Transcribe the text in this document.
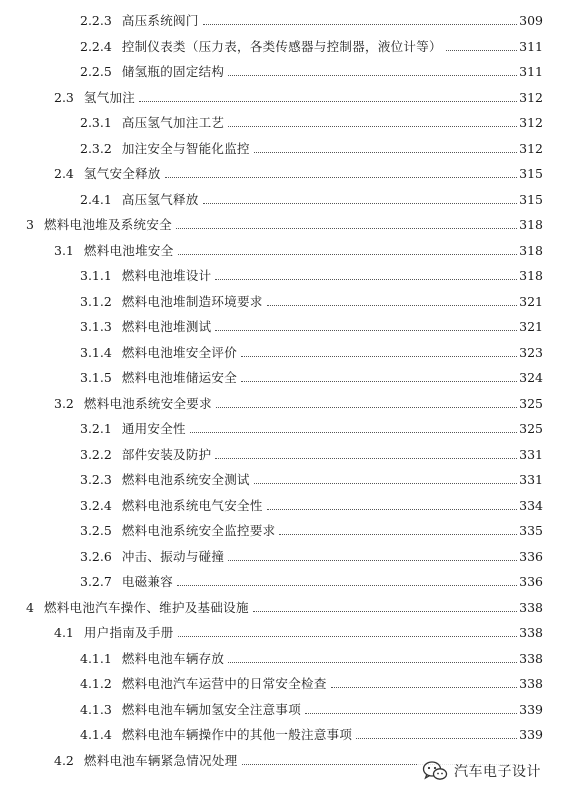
2.2.3 高压系统阀门	309
2.2.4 控制仪表类（压力表，各类传感器与控制器，液位计等）	311
2.2.5 储氢瓶的固定结构	311
2.3 氢气加注	312
2.3.1 高压氢气加注工艺	312
2.3.2 加注安全与智能化监控	312
2.4 氢气安全释放	315
2.4.1 高压氢气释放	315
3 燃料电池堆及系统安全	318
3.1 燃料电池堆安全	318
3.1.1 燃料电池堆设计	318
3.1.2 燃料电池堆制造环境要求	321
3.1.3 燃料电池堆测试	321
3.1.4 燃料电池堆安全评价	323
3.1.5 燃料电池堆储运安全	324
3.2 燃料电池系统安全要求	325
3.2.1 通用安全性	325
3.2.2 部件安装及防护	331
3.2.3 燃料电池系统安全测试	331
3.2.4 燃料电池系统电气安全性	334
3.2.5 燃料电池系统安全监控要求	335
3.2.6 冲击、振动与碰撞	336
3.2.7 电磁兼容	336
4 燃料电池汽车操作、维护及基础设施	338
4.1 用户指南及手册	338
4.1.1 燃料电池车辆存放	338
4.1.2 燃料电池汽车运营中的日常安全检查	338
4.1.3 燃料电池车辆加氢安全注意事项	339
4.1.4 燃料电池车辆操作中的其他一般注意事项	339
4.2 燃料电池车辆紧急情况处理
汽车电子设计
